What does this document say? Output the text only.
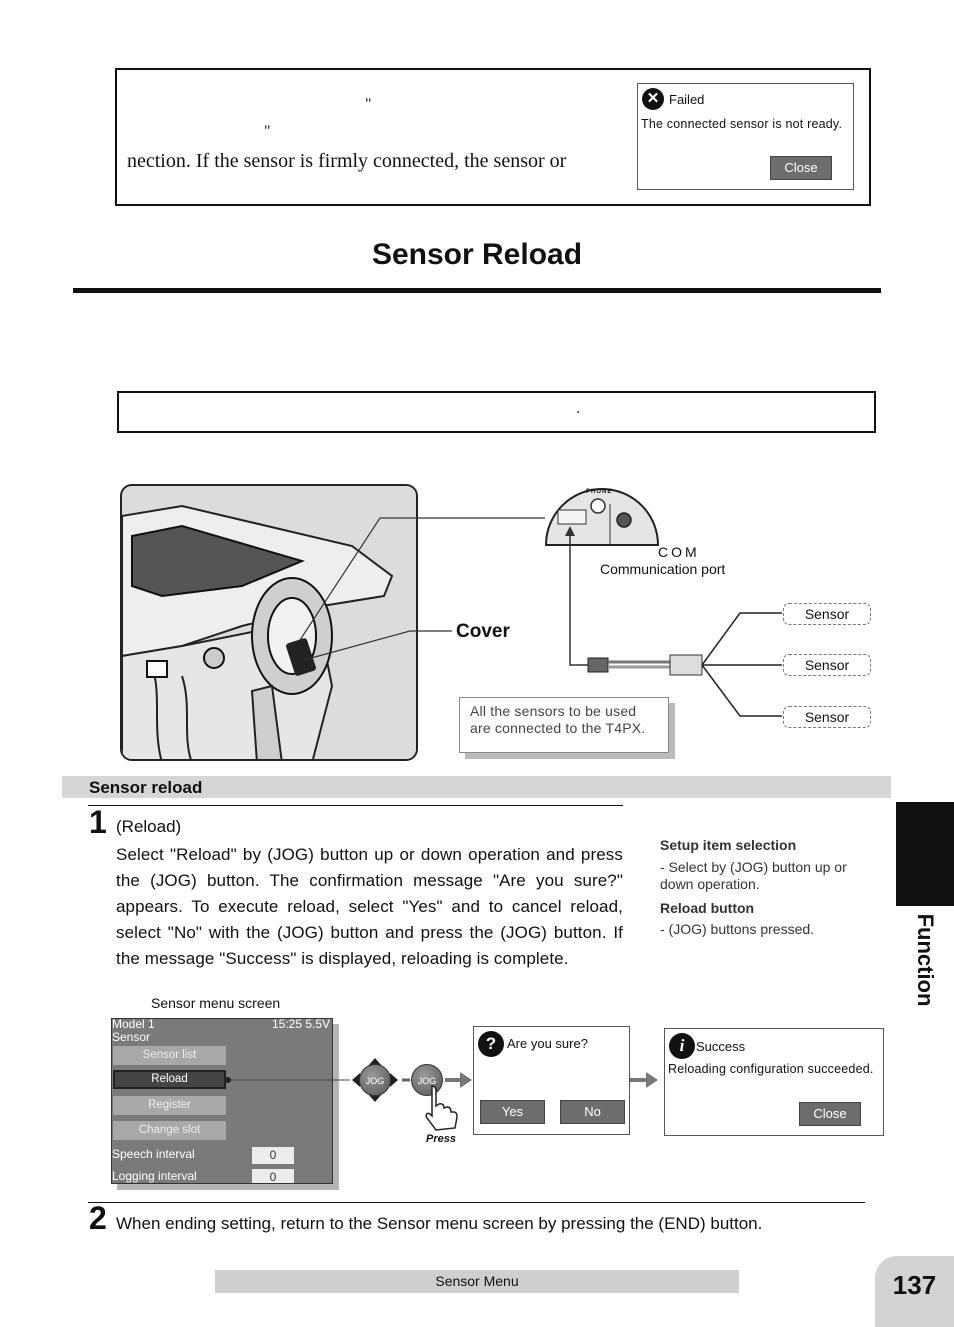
"
"
nection. If the sensor is firmly connected, the sensor or
✕ Failed
The connected sensor is not ready.
Close
Sensor Reload
.
PHONE
COM
Communication port
Cover
Sensor
Sensor
Sensor
All the sensors to be used are connected to the T4PX.
Sensor reload
1 (Reload)

Select "Reload" by (JOG) button up or down operation and press the (JOG) button. The confirmation message "Are you sure?" appears. To execute reload, select "Yes" and to cancel reload, select "No" with the (JOG) button and press the (JOG) button. If the message "Success" is displayed, reloading is complete.

Setup item selection
- Select by (JOG) button up or down operation.
Reload button
- (JOG) buttons pressed.	Function
Sensor menu screen
Model 1	15:25 5.5V
Sensor
Sensor list
Reload
Register
Change slot
Speech interval	0
Logging interval	0
JOG	JOG
Press
? Are you sure?
Yes	No
i Success
Reloading configuration succeeded.
Close
2 When ending setting, return to the Sensor menu screen by pressing the (END) button.
Sensor Menu	137
